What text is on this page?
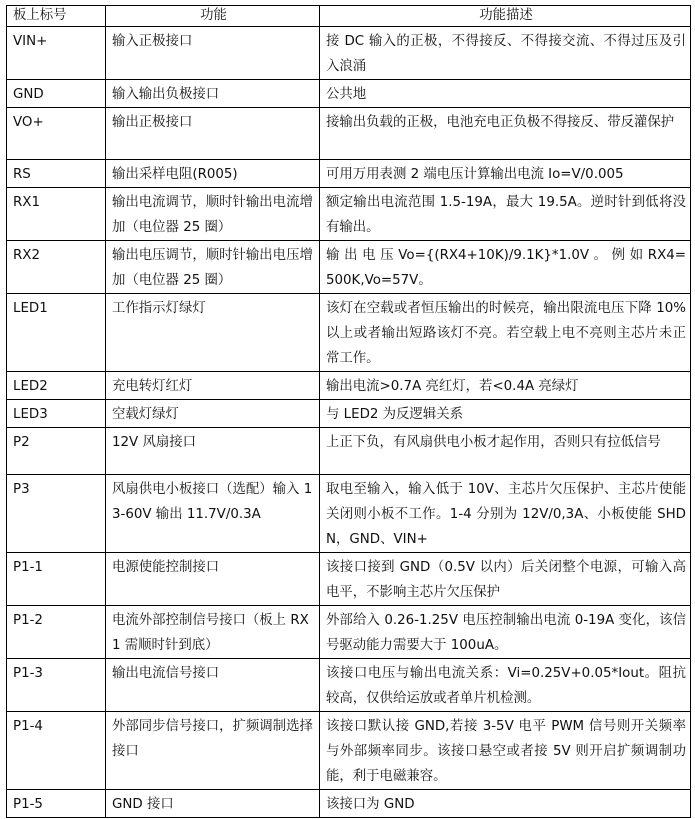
板上标号	功能	功能描述
VIN+	输入正极接口	接 DC 输入的正极，不得接反、不得接交流、不得过压及引入浪涌
GND	输入输出负极接口	公共地
VO+	输出正极接口	接输出负载的正极，电池充电正负极不得接反、带反灌保护
RS	输出采样电阻(R005)	可用万用表测 2 端电压计算输出电流 Io=V/0.005
RX1	输出电流调节，顺时针输出电流增加（电位器 25 圈）	额定输出电流范围 1.5-19A，最大 19.5A。逆时针到低将没有输出。
RX2	输出电压调节，顺时针输出电压增加（电位器 25 圈）	输 出 电 压 Vo={(RX4+10K)/9.1K}*1.0V 。 例 如 RX4=500K,Vo=57V。
LED1	工作指示灯绿灯	该灯在空载或者恒压输出的时候亮，输出限流电压下降 10%以上或者输出短路该灯不亮。若空载上电不亮则主芯片未正常工作。
LED2	充电转灯红灯	输出电流>0.7A 亮红灯，若<0.4A 亮绿灯
LED3	空载灯绿灯	与 LED2 为反逻辑关系
P2	12V 风扇接口	上正下负，有风扇供电小板才起作用，否则只有拉低信号
P3	风扇供电小板接口（选配）输入 13-60V 输出 11.7V/0.3A	取电至输入，输入低于 10V、主芯片欠压保护、主芯片使能关闭则小板不工作。1-4 分别为 12V/0,3A、小板使能 SHDN，GND、VIN+
P1-1	电源使能控制接口	该接口接到 GND（0.5V 以内）后关闭整个电源，可输入高电平，不影响主芯片欠压保护
P1-2	电流外部控制信号接口（板上 RX1 需顺时针到底）	外部给入 0.26-1.25V 电压控制输出电流 0-19A 变化，该信号驱动能力需要大于 100uA。
P1-3	输出电流信号接口	该接口电压与输出电流关系：Vi=0.25V+0.05*Iout。阻抗较高，仅供给运放或者单片机检测。
P1-4	外部同步信号接口，扩频调制选择接口	该接口默认接 GND,若接 3-5V 电平 PWM 信号则开关频率与外部频率同步。该接口悬空或者接 5V 则开启扩频调制功能，利于电磁兼容。
P1-5	GND 接口	该接口为 GND
